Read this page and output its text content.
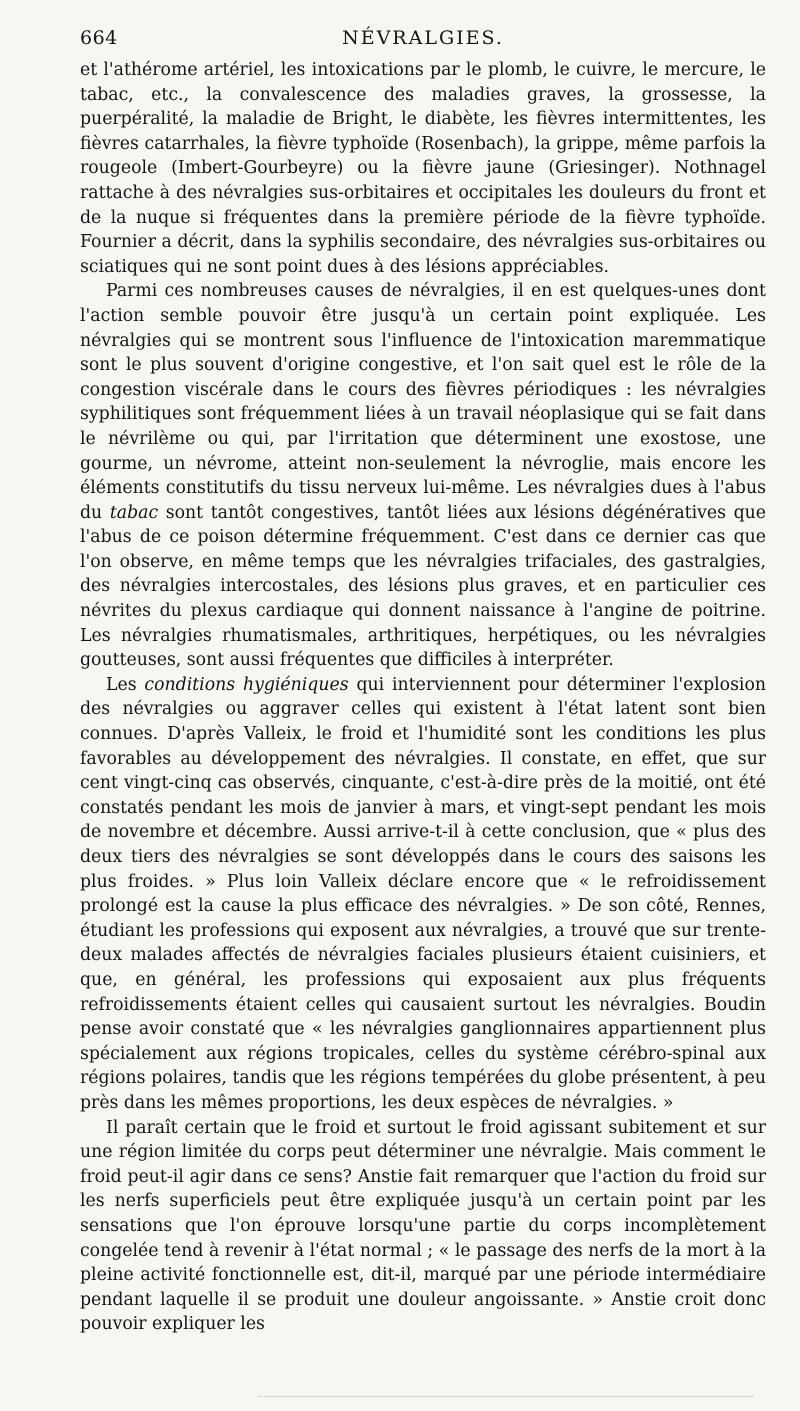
664	NÉVRALGIES.

et l'athérome artériel, les intoxications par le plomb, le cuivre, le mercure, le tabac, etc., la convalescence des maladies graves, la grossesse, la puerpéralité, la maladie de Bright, le diabète, les fièvres intermittentes, les fièvres catarrhales, la fièvre typhoïde (Rosenbach), la grippe, même parfois la rougeole (Imbert-Gourbeyre) ou la fièvre jaune (Griesinger). Nothnagel rattache à des névralgies sus-orbitaires et occipitales les douleurs du front et de la nuque si fréquentes dans la première période de la fièvre typhoïde. Fournier a décrit, dans la syphilis secondaire, des névralgies sus-orbitaires ou sciatiques qui ne sont point dues à des lésions appréciables.

Parmi ces nombreuses causes de névralgies, il en est quelques-unes dont l'action semble pouvoir être jusqu'à un certain point expliquée. Les névralgies qui se montrent sous l'influence de l'intoxication maremmatique sont le plus souvent d'origine congestive, et l'on sait quel est le rôle de la congestion viscérale dans le cours des fièvres périodiques : les névralgies syphilitiques sont fréquemment liées à un travail néoplasique qui se fait dans le névrilème ou qui, par l'irritation que déterminent une exostose, une gourme, un névrome, atteint non-seulement la névroglie, mais encore les éléments constitutifs du tissu nerveux lui-même. Les névralgies dues à l'abus du tabac sont tantôt congestives, tantôt liées aux lésions dégénératives que l'abus de ce poison détermine fréquemment. C'est dans ce dernier cas que l'on observe, en même temps que les névralgies trifaciales, des gastralgies, des névralgies intercostales, des lésions plus graves, et en particulier ces névrites du plexus cardiaque qui donnent naissance à l'angine de poitrine. Les névralgies rhumatismales, arthritiques, herpétiques, ou les névralgies goutteuses, sont aussi fréquentes que difficiles à interpréter.

Les conditions hygiéniques qui interviennent pour déterminer l'explosion des névralgies ou aggraver celles qui existent à l'état latent sont bien connues. D'après Valleix, le froid et l'humidité sont les conditions les plus favorables au développement des névralgies. Il constate, en effet, que sur cent vingt-cinq cas observés, cinquante, c'est-à-dire près de la moitié, ont été constatés pendant les mois de janvier à mars, et vingt-sept pendant les mois de novembre et décembre. Aussi arrive-t-il à cette conclusion, que « plus des deux tiers des névralgies se sont développés dans le cours des saisons les plus froides. » Plus loin Valleix déclare encore que « le refroidissement prolongé est la cause la plus efficace des névralgies. » De son côté, Rennes, étudiant les professions qui exposent aux névralgies, a trouvé que sur trente-deux malades affectés de névralgies faciales plusieurs étaient cuisiniers, et que, en général, les professions qui exposaient aux plus fréquents refroidissements étaient celles qui causaient surtout les névralgies. Boudin pense avoir constaté que « les névralgies ganglionnaires appartiennent plus spécialement aux régions tropicales, celles du système cérébro-spinal aux régions polaires, tandis que les régions tempérées du globe présentent, à peu près dans les mêmes proportions, les deux espèces de névralgies. »

Il paraît certain que le froid et surtout le froid agissant subitement et sur une région limitée du corps peut déterminer une névralgie. Mais comment le froid peut-il agir dans ce sens? Anstie fait remarquer que l'action du froid sur les nerfs superficiels peut être expliquée jusqu'à un certain point par les sensations que l'on éprouve lorsqu'une partie du corps incomplètement congelée tend à revenir à l'état normal ; « le passage des nerfs de la mort à la pleine activité fonctionnelle est, dit-il, marqué par une période intermédiaire pendant laquelle il se produit une douleur angoissante. » Anstie croit donc pouvoir expliquer les
